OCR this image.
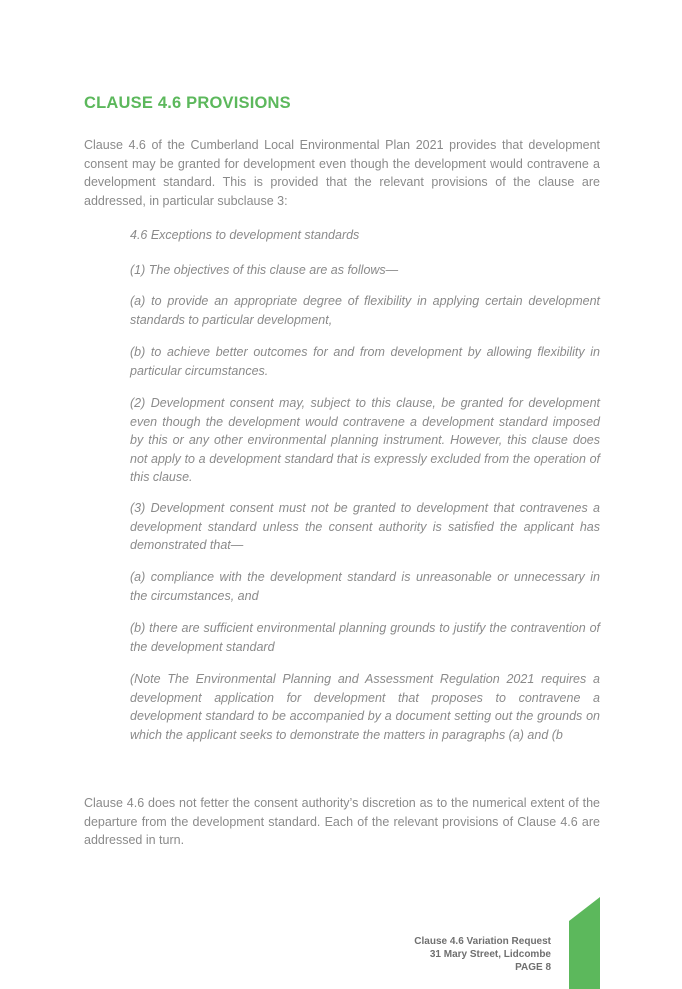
CLAUSE 4.6 PROVISIONS

Clause 4.6 of the Cumberland Local Environmental Plan 2021 provides that development consent may be granted for development even though the development would contravene a development standard. This is provided that the relevant provisions of the clause are addressed, in particular subclause 3:

4.6 Exceptions to development standards

(1) The objectives of this clause are as follows—

(a) to provide an appropriate degree of flexibility in applying certain development standards to particular development,

(b) to achieve better outcomes for and from development by allowing flexibility in particular circumstances.

(2) Development consent may, subject to this clause, be granted for development even though the development would contravene a development standard imposed by this or any other environmental planning instrument. However, this clause does not apply to a development standard that is expressly excluded from the operation of this clause.

(3) Development consent must not be granted to development that contravenes a development standard unless the consent authority is satisfied the applicant has demonstrated that—

(a) compliance with the development standard is unreasonable or unnecessary in the circumstances, and

(b) there are sufficient environmental planning grounds to justify the contravention of the development standard

(Note The Environmental Planning and Assessment Regulation 2021 requires a development application for development that proposes to contravene a development standard to be accompanied by a document setting out the grounds on which the applicant seeks to demonstrate the matters in paragraphs (a) and (b

Clause 4.6 does not fetter the consent authority’s discretion as to the numerical extent of the departure from the development standard. Each of the relevant provisions of Clause 4.6 are addressed in turn.

Clause 4.6 Variation Request
31 Mary Street, Lidcombe
PAGE 8
